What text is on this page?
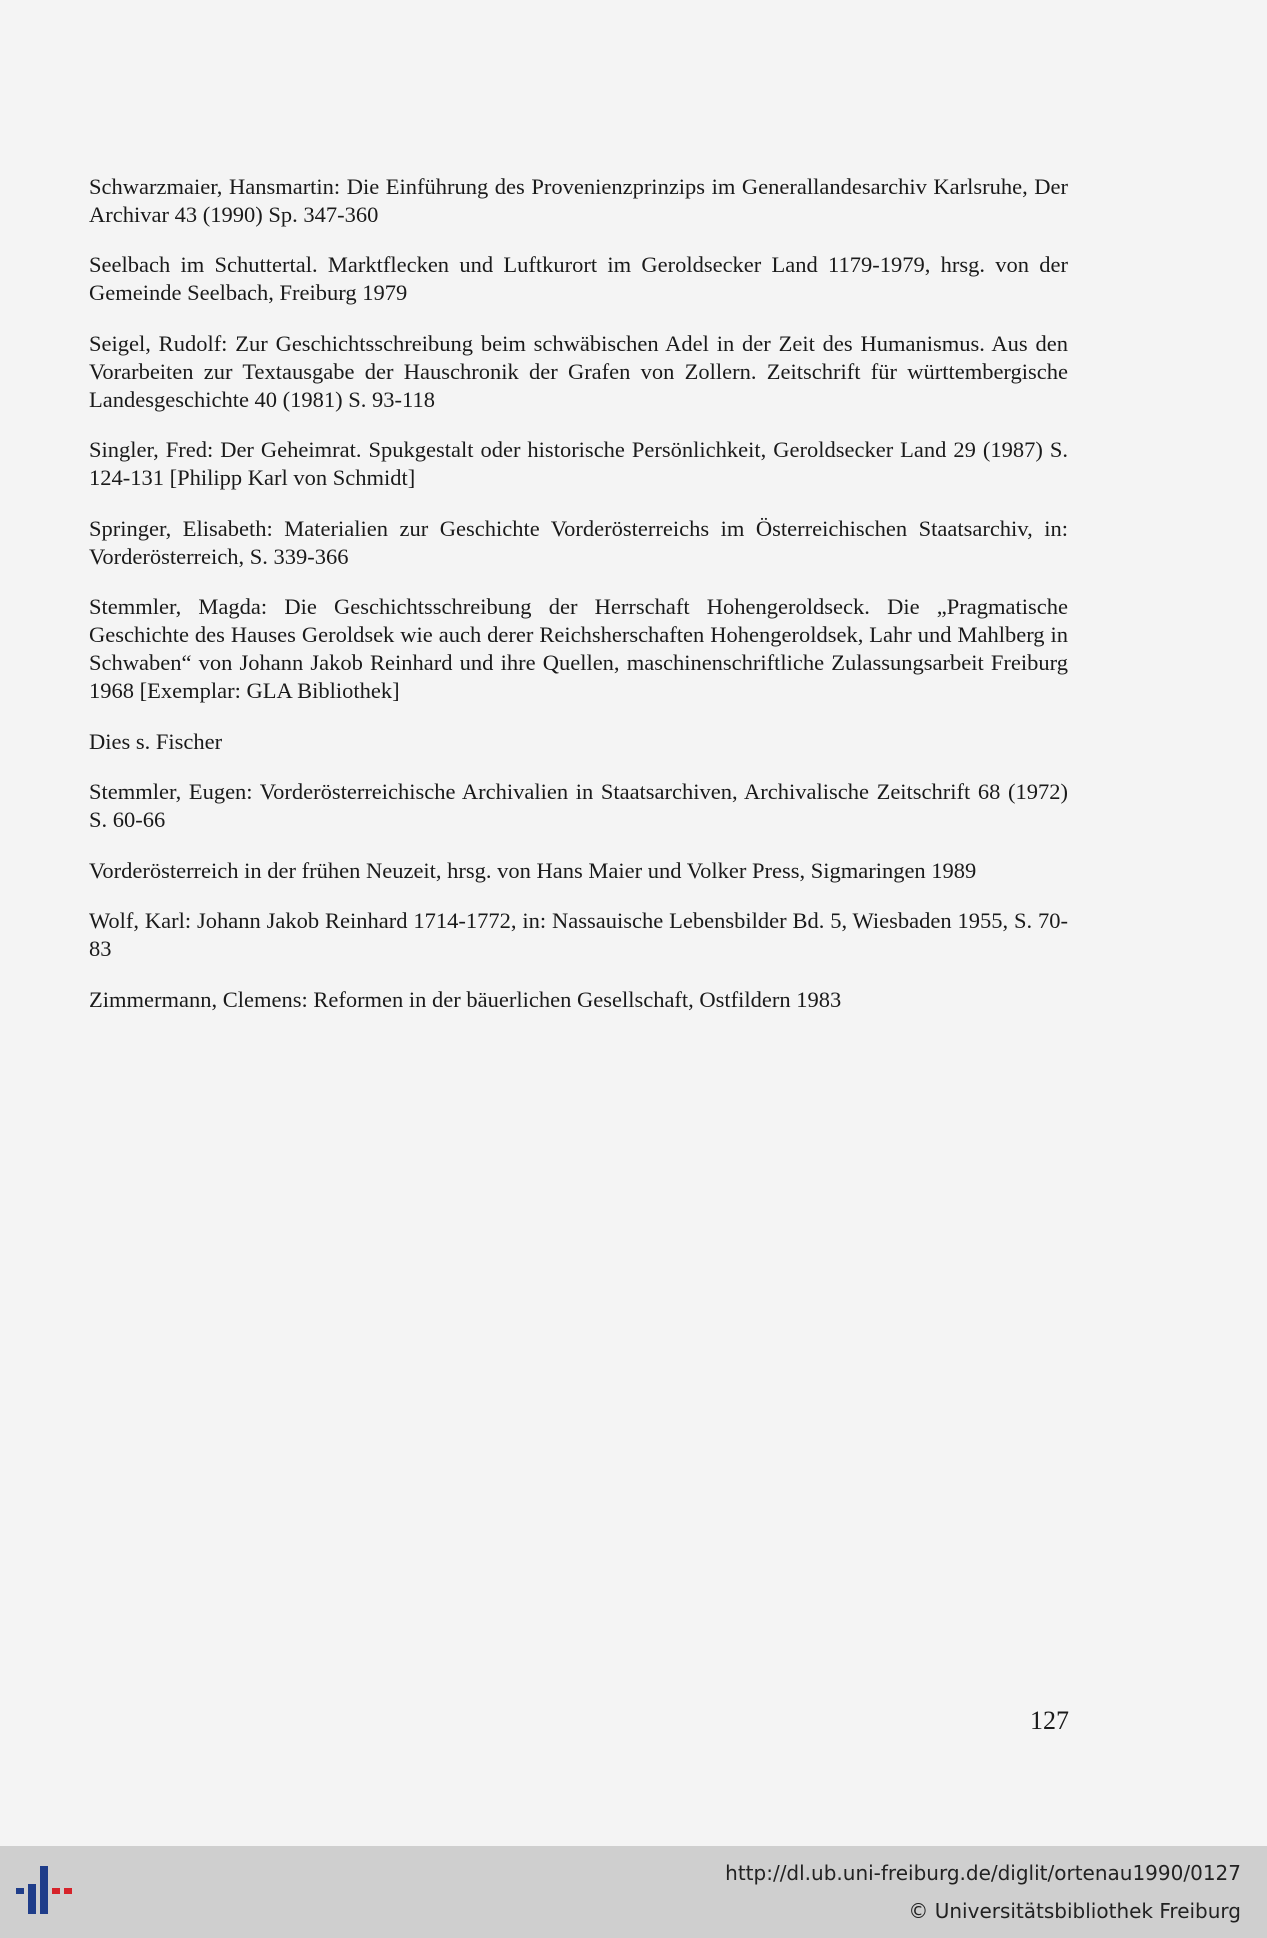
Schwarzmaier, Hansmartin: Die Einführung des Provenienzprinzips im Generallandesarchiv Karlsruhe, Der Archivar 43 (1990) Sp. 347-360

Seelbach im Schuttertal. Marktflecken und Luftkurort im Geroldsecker Land 1179-1979, hrsg. von der Gemeinde Seelbach, Freiburg 1979

Seigel, Rudolf: Zur Geschichtsschreibung beim schwäbischen Adel in der Zeit des Humanismus. Aus den Vorarbeiten zur Textausgabe der Hauschronik der Grafen von Zollern. Zeitschrift für württembergische Landesgeschichte 40 (1981) S. 93-118

Singler, Fred: Der Geheimrat. Spukgestalt oder historische Persönlichkeit, Geroldsecker Land 29 (1987) S. 124-131 [Philipp Karl von Schmidt]

Springer, Elisabeth: Materialien zur Geschichte Vorderösterreichs im Österreichischen Staatsarchiv, in: Vorderösterreich, S. 339-366

Stemmler, Magda: Die Geschichtsschreibung der Herrschaft Hohengeroldseck. Die „Pragmatische Geschichte des Hauses Geroldsek wie auch derer Reichsherschaften Hohengeroldsek, Lahr und Mahlberg in Schwaben“ von Johann Jakob Reinhard und ihre Quellen, maschinenschriftliche Zulassungsarbeit Freiburg 1968 [Exemplar: GLA Bibliothek]

Dies s. Fischer

Stemmler, Eugen: Vorderösterreichische Archivalien in Staatsarchiven, Archivalische Zeitschrift 68 (1972) S. 60-66

Vorderösterreich in der frühen Neuzeit, hrsg. von Hans Maier und Volker Press, Sigmaringen 1989

Wolf, Karl: Johann Jakob Reinhard 1714-1772, in: Nassauische Lebensbilder Bd. 5, Wiesbaden 1955, S. 70-83

Zimmermann, Clemens: Reformen in der bäuerlichen Gesellschaft, Ostfildern 1983

127
http://dl.ub.uni-freiburg.de/diglit/ortenau1990/0127
© Universitätsbibliothek Freiburg
